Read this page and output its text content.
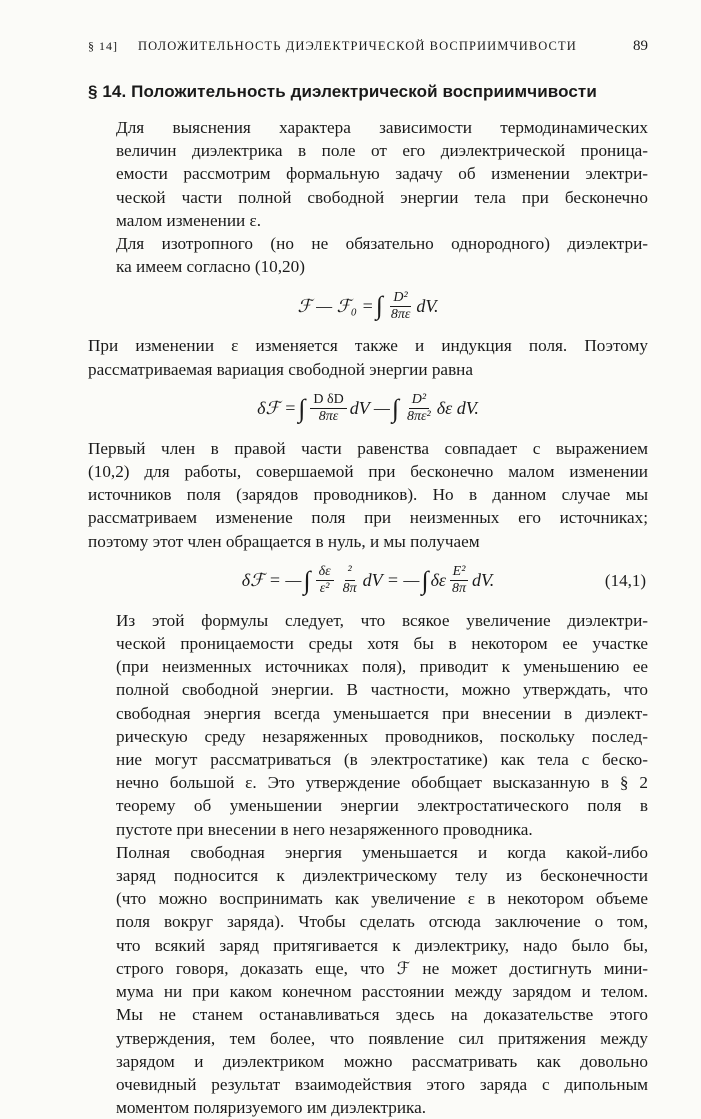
§ 14]	ПОЛОЖИТЕЛЬНОСТЬ ДИЭЛЕКТРИЧЕСКОЙ ВОСПРИИМЧИВОСТИ	89
§ 14. Положительность диэлектрической восприимчивости

Для выяснения характера зависимости термодинамических
величин диэлектрика в поле от его диэлектрической проница-
емости рассмотрим формальную задачу об изменении электри-
ческой части полной свободной энергии тела при бесконечно
малом изменении ε.

Для изотропного (но не обязательно однородного) диэлектри-
ка имеем согласно (10,20)

ℱ — ℱ₀ = ∫ $\frac{\text{D²}}{8\pi\varepsilon}$ dV.

При изменении ε изменяется также и индукция поля. Поэтому
рассматриваемая вариация свободной энергии равна

δℱ = ∫ $\frac{\text{D δD}}{8\pi\varepsilon}$ dV — ∫ $\frac{\text{D²}}{\text{8πε²}}$ δε dV.

Первый член в правой части равенства совпадает с выражением
(10,2) для работы, совершаемой при бесконечно малом изменении
источников поля (зарядов проводников). Но в данном случае мы
рассматриваем изменение поля при неизменных его источниках;
поэтому этот член обращается в нуль, и мы получаем

δℱ = — ∫ $\frac{\delta\varepsilon}{\text{ε²}} \frac{\text{²}}{8\pi}$ dV = — ∫ δε $\frac{\text{E²}}{8\pi}$ dV.	(14,1)

Из этой формулы следует, что всякое увеличение диэлектри-
ческой проницаемости среды хотя бы в некотором ее участке
(при неизменных источниках поля), приводит к уменьшению ее
полной свободной энергии. В частности, можно утверждать, что
свободная энергия всегда уменьшается при внесении в диэлект-
рическую среду незаряженных проводников, поскольку послед-
ние могут рассматриваться (в электростатике) как тела с беско-
нечно большой ε. Это утверждение обобщает высказанную в § 2
теорему об уменьшении энергии электростатического поля в
пустоте при внесении в него незаряженного проводника.

Полная свободная энергия уменьшается и когда какой-либо
заряд подносится к диэлектрическому телу из бесконечности
(что можно воспринимать как увеличение ε в некотором объеме
поля вокруг заряда). Чтобы сделать отсюда заключение о том,
что всякий заряд притягивается к диэлектрику, надо было бы,
строго говоря, доказать еще, что ℱ не может достигнуть мини-
мума ни при каком конечном расстоянии между зарядом и телом.
Мы не станем останавливаться здесь на доказательстве этого
утверждения, тем более, что появление сил притяжения между
зарядом и диэлектриком можно рассматривать как довольно
очевидный результат взаимодействия этого заряда с дипольным
моментом поляризуемого им диэлектрика.
